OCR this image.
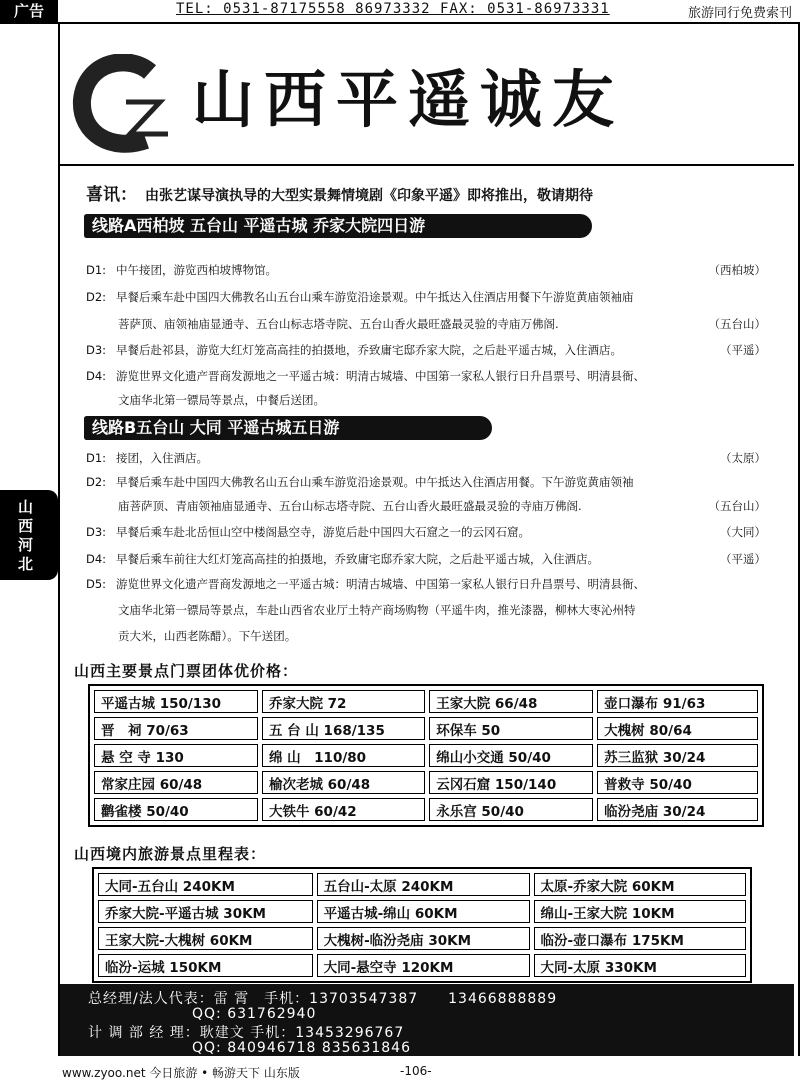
广告	TEL: 0531-87175558 86973332 FAX: 0531-86973331	旅游同行免费索刊
山西平遥诚友
喜讯： 由张艺谋导演执导的大型实景舞情境剧《印象平遥》即将推出，敬请期待
山西河北
线路A西柏坡 五台山 平遥古城 乔家大院四日游
D1: 中午接团，游览西柏坡博物馆。	（西柏坡）
D2: 早餐后乘车赴中国四大佛教名山五台山乘车游览沿途景观。中午抵达入住酒店用餐下午游览黄庙领袖庙
菩萨顶、庙领袖庙显通寺、五台山标志塔寺院、五台山香火最旺盛最灵验的寺庙万佛阁.	（五台山）
D3: 早餐后赴祁县，游览大红灯笼高高挂的拍摄地，乔致庸宅邸乔家大院，之后赴平遥古城，入住酒店。	（平遥）
D4: 游览世界文化遗产晋商发源地之一平遥古城：明清古城墙、中国第一家私人银行日升昌票号、明清县衙、
文庙华北第一镖局等景点，中餐后送团。
线路B五台山 大同 平遥古城五日游
D1: 接团，入住酒店。	（太原）
D2: 早餐后乘车赴中国四大佛教名山五台山乘车游览沿途景观。中午抵达入住酒店用餐。下午游览黄庙领袖
庙菩萨顶、青庙领袖庙显通寺、五台山标志塔寺院、五台山香火最旺盛最灵验的寺庙万佛阁.	（五台山）
D3: 早餐后乘车赴北岳恒山空中楼阁悬空寺，游览后赴中国四大石窟之一的云冈石窟。	（大同）
D4: 早餐后乘车前往大红灯笼高高挂的拍摄地，乔致庸宅邸乔家大院，之后赴平遥古城，入住酒店。	（平遥）
D5: 游览世界文化遗产晋商发源地之一平遥古城：明清古城墙、中国第一家私人银行日升昌票号、明清县衙、
文庙华北第一镖局等景点，车赴山西省农业厅土特产商场购物（平遥牛肉，推光漆器，柳林大枣沁州特
贡大米，山西老陈醋）。下午送团。
山西主要景点门票团体优价格：
平遥古城 150/130	乔家大院 72	王家大院 66/48	壶口瀑布 91/63
晋　祠 70/63	五 台 山 168/135	环保车 50	大槐树 80/64
悬 空 寺 130	绵 山　110/80	绵山小交通 50/40	苏三监狱 30/24
常家庄园 60/48	榆次老城 60/48	云冈石窟 150/140	普救寺 50/40
鹳雀楼 50/40	大铁牛 60/42	永乐宫 50/40	临汾尧庙 30/24
山西境内旅游景点里程表：
大同-五台山 240KM	五台山-太原 240KM	太原-乔家大院 60KM
乔家大院-平遥古城 30KM	平遥古城-绵山 60KM	绵山-王家大院 10KM
王家大院-大槐树 60KM	大槐树-临汾尧庙 30KM	临汾-壶口瀑布 175KM
临汾-运城 150KM	大同-悬空寺 120KM	大同-太原 330KM
总经理/法人代表：雷 霄　手机：13703547387　　13466888889
QQ: 631762940
计 调 部 经 理：耿建文 手机：13453296767
QQ: 840946718 835631846
www.zyoo.net 今日旅游 • 畅游天下 山东版	-106-
